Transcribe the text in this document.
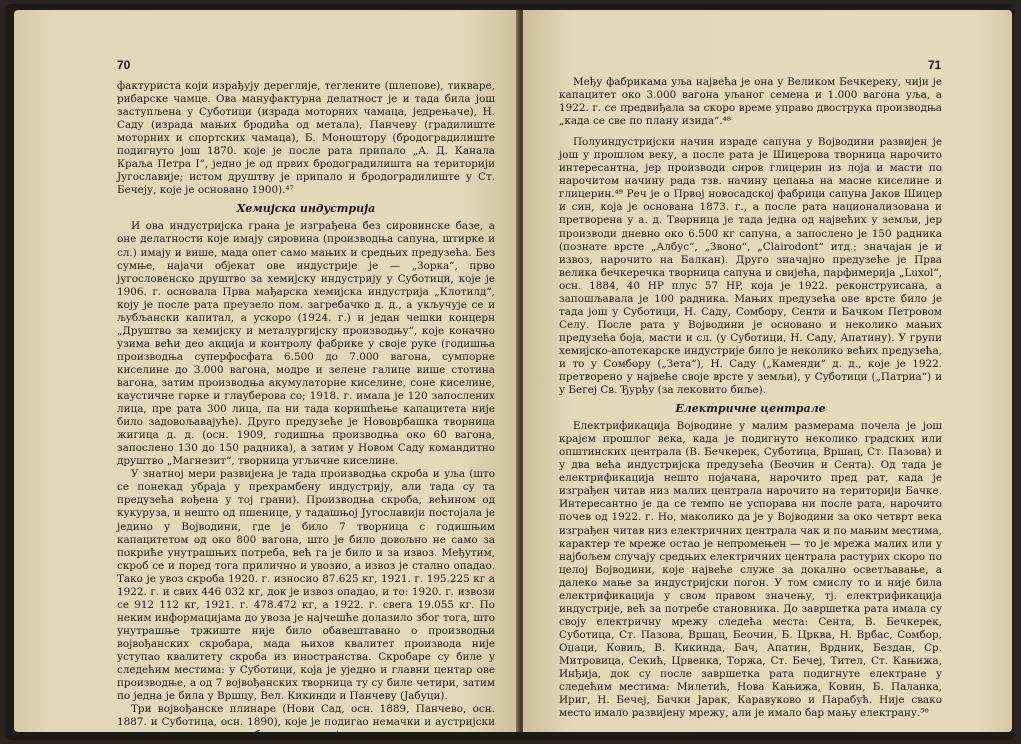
70

фактуриста који израђују дереглије, теглените (шлепове), тикваре, рибарске чамце. Ова мануфактурна делатност је и тада била још заступљена у Суботици (израда моторних чамаца, једрењаче), Н. Саду (израда мањих бродића од метала), Панчеву (градилиште моторних и спортских чамаца), Б. Моноштору (бродоградилиште подигнуто још 1870. које је после рата припало „А. Д. Канала Краља Петра I“, једно је од првих бродоградилишта на територији Југославије; истом друштву је припало и бродоградилиште у Ст. Бечеју, које је основано 1900).⁴⁷

Хемијска индустрија

И ова индустријска грана је изграђена без сировинске базе, а оне делатности које имају сировина (производња сапуна, штирке и сл.) имају и више, мада опет само мањих и средњих предузећа. Без сумње, најачи објекат ове индустрије је — „Зорка“, прво југословенско друштво за хемијску индустрију у Суботици, које је 1906. г. основала Прва мађарска хемијска индустрија „Клотилд“, коју је после рата преузело пом. загребачко д. д., а укључује се и љубљански капитал, а ускоро (1924. г.) и један чешки концерн „Друштво за хемијску и металургијску производњу“, које коначно узима већи део акција и контролу фабрике у своје руке (годишња производња суперфосфата 6.500 до 7.000 вагона, сумпорне киселине до 3.000 вагона, модре и зелене галице више стотина вагона, затим производња акумулаторне киселине, соне киселине, каустичне горке и глауберова со; 1918. г. имала је 120 запослених лица, пре рата 300 лица, па ни тада коришћење капацитета није било задовољавајуће). Друго предузеће је Нововрбашка творница жигица д. д. (осн. 1909, годишња производња око 60 вагона, запослено 130 до 150 радника), а затим у Новом Саду командитно друштво „Магнезит“, творница угљичне киселине.

У знатној мери развијена је тада производња скроба и уља (што се понекад убраја у прехрамбену индустрију, али тада су та предузећа вођена у тој грани). Производња скроба, већином од кукуруза, и нешто од пшенице, у тадашњој Југославији постојала је једино у Војводини, где је било 7 творница с годишњим капацитетом од око 800 вагона, што је било довољно не само за покриће унутрашњих потреба, већ га је било и за извоз. Међутим, скроб се и поред тога прилично и увозио, а извоз је стално опадао. Тако је увоз скроба 1920. г. износио 87.625 кг, 1921. г. 195.225 кг а 1922. г. и свих 446 032 кг, док је извоз опадао, и то: 1920. г. извози се 912 112 кг, 1921. г. 478.472 кг, а 1922. г. свега 19.055 кг. По неким информацијама до увоза је најчешће долазило због тога, што унутрашње тржиште није било обавештавано о производњи војвођанских скробара, мада њихов квалитет производа није уступао квалитету скроба из иностранства. Скробаре су биле у следећим местима: у Суботици, која је уједно и главни центар ове производње, а од 7 војвођанских творница ту су биле четири, затим по једна је била у Вршцу, Вел. Кикинди и Панчеву (Јабуци).

Три војвођанске плинаре (Нови Сад, осн. 1889, Панчево, осн. 1887. и Суботица, осн. 1890), које је подигао немачки и аустријски капитал, у ово време слабо користе своје капацитете.

71

Међу фабрикама уља највећа је она у Великом Бечкереку, чији је капацитет око 3.000 вагона уљаног семена и 1.000 вагона уља, а 1922. г. се предвиђала за скоро време управо двострука производња „када се све по плану изида“.⁴⁸

Полуиндустријски начин израде сапуна у Војводини развијен је још у прошлом веку, а после рата је Шицерова творница нарочито интересантна, јер производи сиров глицерин из лоја и масти по нарочитом начину рада тзв. начину цепања на масне киселине и глицерин.⁴⁹ Реч је о Првој новосадској фабрици сапуна Јаков Шицер и син, која је основана 1873. г., а после рата национализована и претворена у а. д. Творница је тада једна од највећих у земљи, јер производи дневно око 6.500 кг сапуна, а запослено је 150 радника (познате врсте „Албус“, „Звоно“, „Clairodont“ итд.; значајан је и извоз, нарочито на Балкан). Друго значајно предузеће је Прва велика бечкеречка творница сапуна и свијећа, парфимерија „Luxol“, осн. 1884, 40 HP плус 57 HP, која је 1922. реконструисана, а запошљавала је 100 радника. Мањих предузећа ове врсте било је тада још у Суботици, Н. Саду, Сомбору, Сенти и Бачком Петровом Селу. После рата у Војводини је основано и неколико мањих предузећа боја, масти и сл. (у Суботици, Н. Саду, Апатину). У групи хемијско-апотекарске индустрије било је неколико већих предузећа, и то у Сомбору („Зета“), Н. Саду („Каменди“ д. д., које је 1922. претворено у највеће своје врсте у земљи), у Суботици („Патриа“) и у Бегеј Св. Ђурђу (за лековито биље).

Електричне централе

Електрификација Војводине у малим размерама почела је још крајем прошлог века, када је подигнуто неколико градских или општинских централа (В. Бечкерек, Суботица, Вршац, Ст. Пазова) и у два већа индустријска предузећа (Беочин и Сента). Од тада је електрификација нешто појачана, нарочито пред рат, када је изграђен читав низ малих централа нарочито на територији Бачке. Интересантно је да се темпо не успорава ни после рата, нарочито почев од 1922. г. Но, маколико да је у Војводини за око четврт века изграђен читав низ електричних централа чак и по мањим местима, карактер те мреже остао је непромењен — то је мрежа малих или у најбољем случају средњих електричних централа растурих скоро по целој Војводини, које највеће служе за докално осветљавање, а далеко мање за индустријски погон. У том смислу то и није била електрификација у свом правом значењу, тј. електрификација индустрије, већ за потребе становника. До завршетка рата имала су своју електричну мрежу следећа места: Сента, В. Бечкерек, Суботица, Ст. Пазова, Вршац, Беочин, Б. Црква, Н. Врбас, Сомбор, Оџаци, Ковиљ, В. Кикинда, Бач, Апатин, Врдник, Бездан, Ср. Митровица, Секић, Црвенка, Торжа, Ст. Бечеј, Тител, Ст. Кањижа, Инђија, док су после завршетка рата подигнуте електране у следећим местима: Милетић, Нова Кањижа, Ковин, Б. Паланка, Ириг, Н. Бечеј, Бачки Јарак, Каравуково и Парабућ. Није свако место имало развијену мрежу, али је имало бар мању електрану.⁵⁰
